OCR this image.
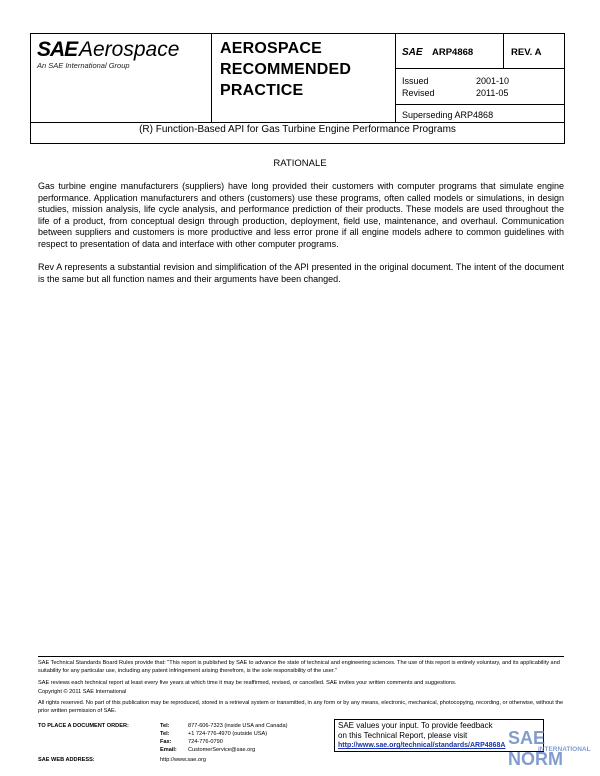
SAE Aerospace
An SAE International Group
AEROSPACE
RECOMMENDED
PRACTICE
SAE ARP4868	REV. A
Issued	2001-10
Revised	2011-05
Superseding ARP4868
(R) Function-Based API for Gas Turbine Engine Performance Programs
RATIONALE
Gas turbine engine manufacturers (suppliers) have long provided their customers with computer programs that simulate engine performance. Application manufacturers and others (customers) use these programs, often called models or simulations, in design studies, mission analysis, life cycle analysis, and performance prediction of their products. These models are used throughout the life of a product, from conceptual design through production, deployment, field use, maintenance, and overhaul. Communication between suppliers and customers is more productive and less error prone if all engine models adhere to common guidelines with respect to presentation of data and interface with other computer programs.
Rev A represents a substantial revision and simplification of the API presented in the original document. The intent of the document is the same but all function names and their arguments have been changed.
SAE Technical Standards Board Rules provide that: "This report is published by SAE to advance the state of technical and engineering sciences. The use of this report is entirely voluntary, and its applicability and suitability for any particular use, including any patent infringement arising therefrom, is the sole responsibility of the user."
SAE reviews each technical report at least every five years at which time it may be reaffirmed, revised, or cancelled. SAE invites your written comments and suggestions.
Copyright © 2011 SAE International
All rights reserved. No part of this publication may be reproduced, stored in a retrieval system or transmitted, in any form or by any means, electronic, mechanical, photocopying, recording, or otherwise, without the prior written permission of SAE.
TO PLACE A DOCUMENT ORDER:	Tel:	877-606-7323 (inside USA and Canada)
Tel:	+1 724-776-4970 (outside USA)
Fax:	724-776-0790
Email: CustomerService@sae.org
SAE WEB ADDRESS:	http://www.sae.org
SAE values your input. To provide feedback
on this Technical Report, please visit
http://www.sae.org/technical/standards/ARP4868A SAE NORM
INTERNATIONAL
